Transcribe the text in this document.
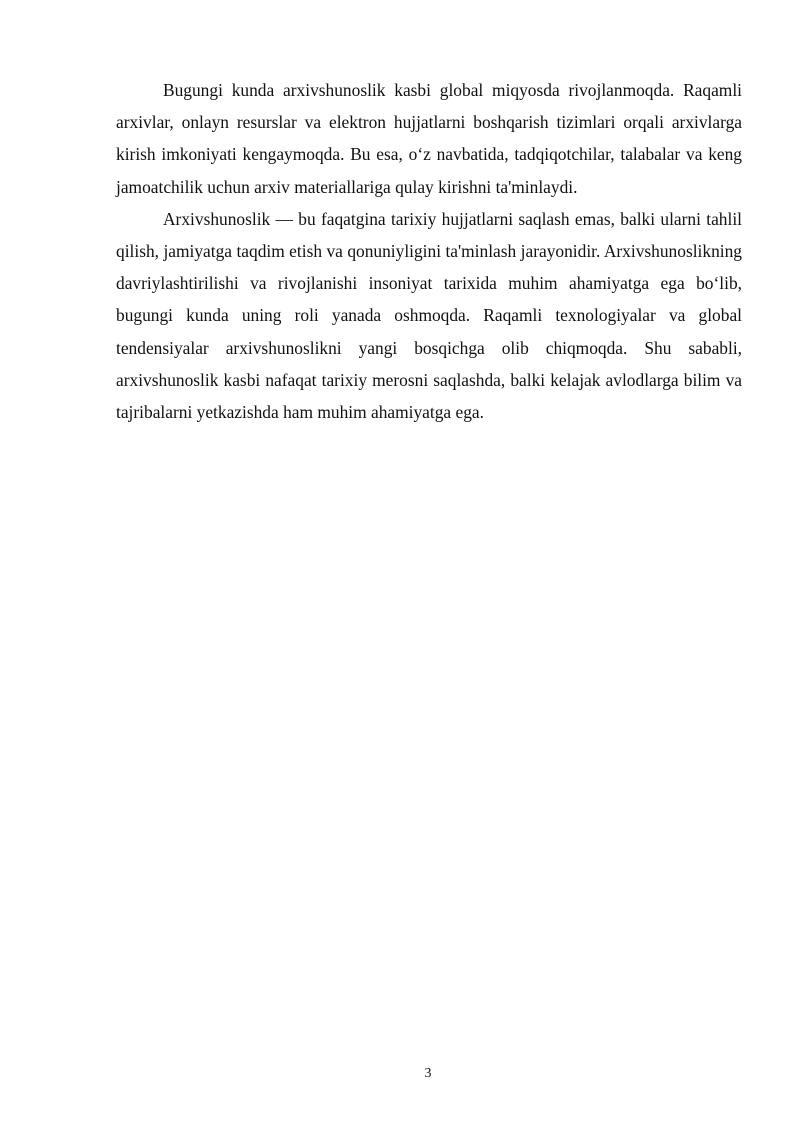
Bugungi kunda arxivshunoslik kasbi global miqyosda rivojlanmoqda. Raqamli arxivlar, onlayn resurslar va elektron hujjatlarni boshqarish tizimlari orqali arxivlarga kirish imkoniyati kengaymoqda. Bu esa, o‘z navbatida, tadqiqotchilar, talabalar va keng jamoatchilik uchun arxiv materiallariga qulay kirishni ta'minlaydi.

Arxivshunoslik — bu faqatgina tarixiy hujjatlarni saqlash emas, balki ularni tahlil qilish, jamiyatga taqdim etish va qonuniyligini ta'minlash jarayonidir. Arxivshunoslikning davriylashtirilishi va rivojlanishi insoniyat tarixida muhim ahamiyatga ega bo‘lib, bugungi kunda uning roli yanada oshmoqda. Raqamli texnologiyalar va global tendensiyalar arxivshunoslikni yangi bosqichga olib chiqmoqda. Shu sababli, arxivshunoslik kasbi nafaqat tarixiy merosni saqlashda, balki kelajak avlodlarga bilim va tajribalarni yetkazishda ham muhim ahamiyatga ega.

3
